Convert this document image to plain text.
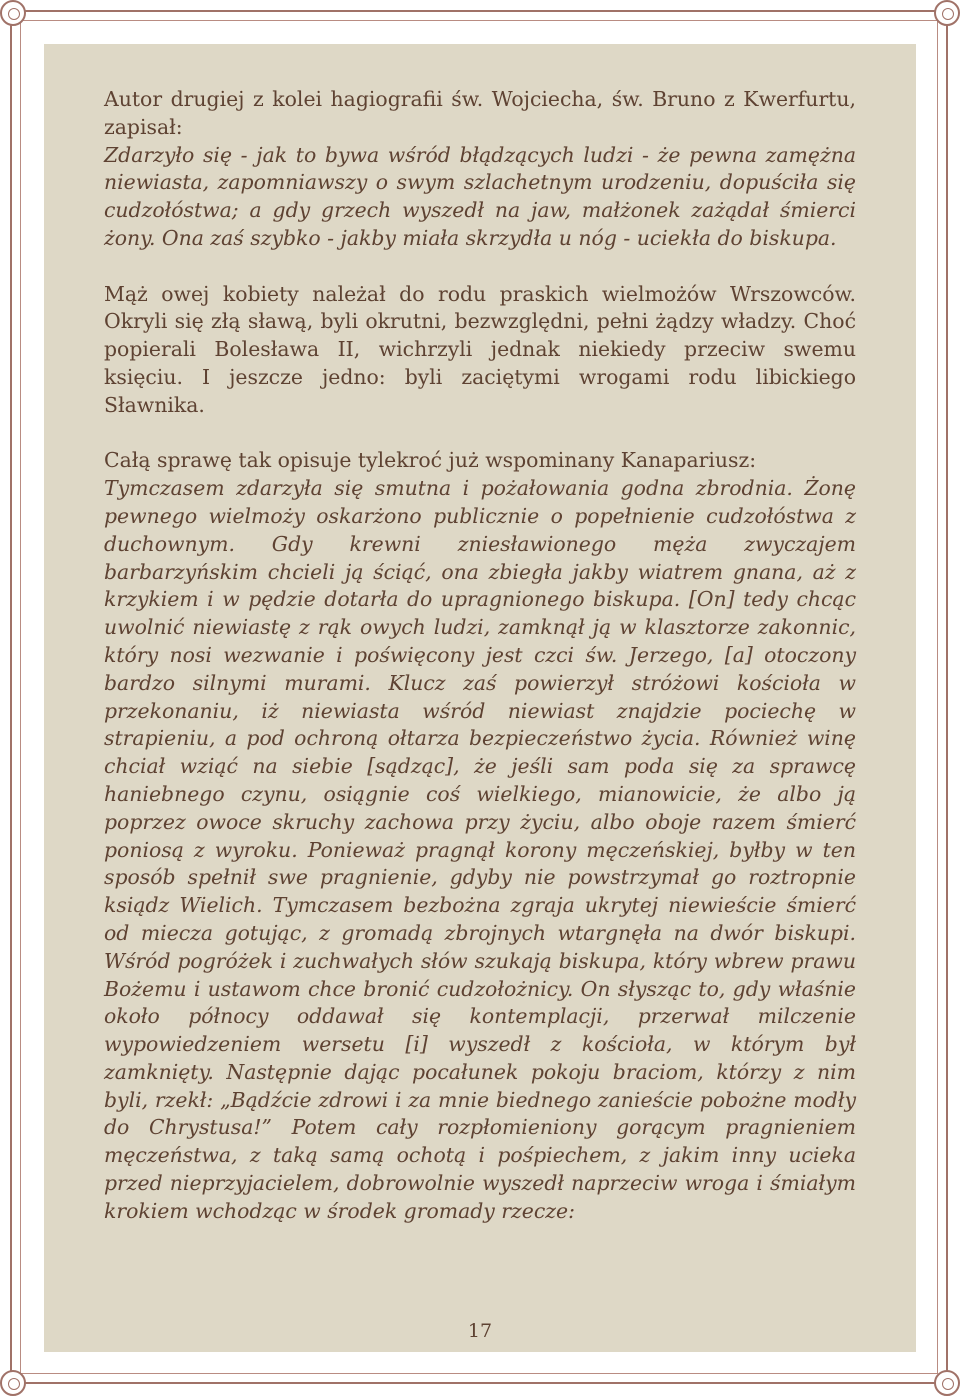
Autor drugiej z kolei hagiografii św. Wojciecha, św. Bruno z Kwerfurtu, zapisał:

Zdarzyło się - jak to bywa wśród błądzących ludzi - że pewna zamężna niewiasta, zapomniawszy o swym szlachetnym urodzeniu, dopuściła się cudzołóstwa; a gdy grzech wyszedł na jaw, małżonek zażądał śmierci żony. Ona zaś szybko - jakby miała skrzydła u nóg - uciekła do biskupa.

Mąż owej kobiety należał do rodu praskich wielmożów Wrszowców. Okryli się złą sławą, byli okrutni, bezwzględni, pełni żądzy władzy. Choć popierali Bolesława II, wichrzyli jednak niekiedy przeciw swemu księciu. I jeszcze jedno: byli zaciętymi wrogami rodu libickiego Sławnika.

Całą sprawę tak opisuje tylekroć już wspominany Kanapariusz:

Tymczasem zdarzyła się smutna i pożałowania godna zbrodnia. Żonę pewnego wielmoży oskarżono publicznie o popełnienie cudzołóstwa z duchownym. Gdy krewni zniesławionego męża zwyczajem barbarzyńskim chcieli ją ściąć, ona zbiegła jakby wiatrem gnana, aż z krzykiem i w pędzie dotarła do upragnionego biskupa. [On] tedy chcąc uwolnić niewiastę z rąk owych ludzi, zamknął ją w klasztorze zakonnic, który nosi wezwanie i poświęcony jest czci św. Jerzego, [a] otoczony bardzo silnymi murami. Klucz zaś powierzył stróżowi kościoła w przekonaniu, iż niewiasta wśród niewiast znajdzie pociechę w strapieniu, a pod ochroną ołtarza bezpieczeństwo życia. Również winę chciał wziąć na siebie [sądząc], że jeśli sam poda się za sprawcę haniebnego czynu, osiągnie coś wielkiego, mianowicie, że albo ją poprzez owoce skruchy zachowa przy życiu, albo oboje razem śmierć poniosą z wyroku. Ponieważ pragnął korony męczeńskiej, byłby w ten sposób spełnił swe pragnienie, gdyby nie powstrzymał go roztropnie ksiądz Wielich. Tymczasem bezbożna zgraja ukrytej niewieście śmierć od miecza gotując, z gromadą zbrojnych wtargnęła na dwór biskupi. Wśród pogróżek i zuchwałych słów szukają biskupa, który wbrew prawu Bożemu i ustawom chce bronić cudzołożnicy. On słysząc to, gdy właśnie około północy oddawał się kontemplacji, przerwał milczenie wypowiedzeniem wersetu [i] wyszedł z kościoła, w którym był zamknięty. Następnie dając pocałunek pokoju braciom, którzy z nim byli, rzekł: „Bądźcie zdrowi i za mnie biednego zanieście pobożne modły do Chrystusa!” Potem cały rozpłomieniony gorącym pragnieniem męczeństwa, z taką samą ochotą i pośpiechem, z jakim inny ucieka przed nieprzyjacielem, dobrowolnie wyszedł naprzeciw wroga i śmiałym krokiem wchodząc w środek gromady rzecze:

17
